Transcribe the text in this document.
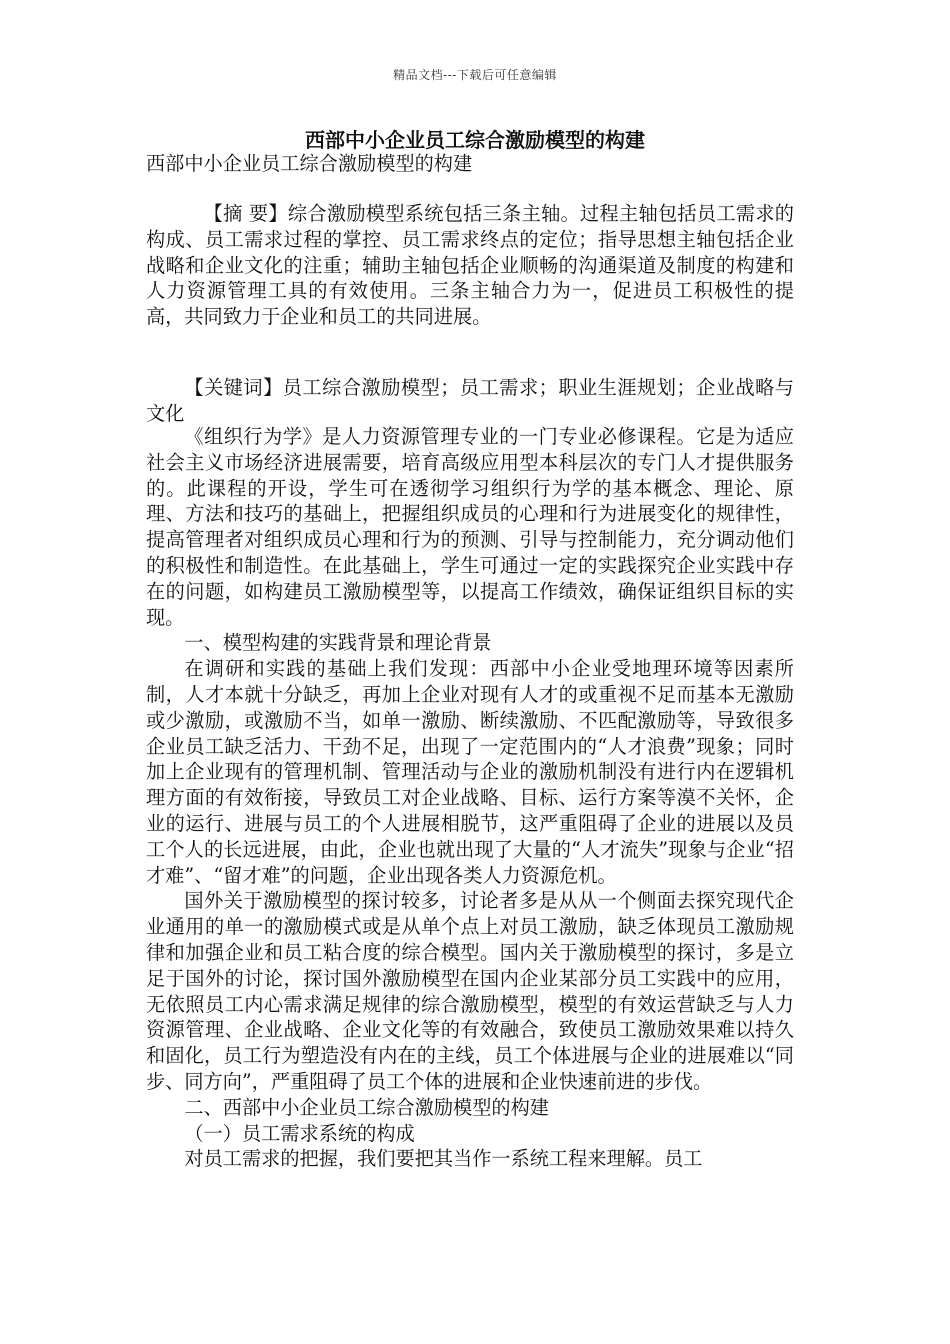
精品文档---下载后可任意编辑
西部中小企业员工综合激励模型的构建

西部中小企业员工综合激励模型的构建

【摘 要】综合激励模型系统包括三条主轴。过程主轴包括员工需求的构成、员工需求过程的掌控、员工需求终点的定位；指导思想主轴包括企业战略和企业文化的注重；辅助主轴包括企业顺畅的沟通渠道及制度的构建和人力资源管理工具的有效使用。三条主轴合力为一，促进员工积极性的提高，共同致力于企业和员工的共同进展。

【关键词】员工综合激励模型；员工需求；职业生涯规划；企业战略与文化

《组织行为学》是人力资源管理专业的一门专业必修课程。它是为适应社会主义市场经济进展需要，培育高级应用型本科层次的专门人才提供服务的。此课程的开设，学生可在透彻学习组织行为学的基本概念、理论、原理、方法和技巧的基础上，把握组织成员的心理和行为进展变化的规律性，提高管理者对组织成员心理和行为的预测、引导与控制能力，充分调动他们的积极性和制造性。在此基础上，学生可通过一定的实践探究企业实践中存在的问题，如构建员工激励模型等，以提高工作绩效，确保证组织目标的实现。

一、模型构建的实践背景和理论背景

在调研和实践的基础上我们发现：西部中小企业受地理环境等因素所制，人才本就十分缺乏，再加上企业对现有人才的或重视不足而基本无激励或少激励，或激励不当，如单一激励、断续激励、不匹配激励等，导致很多企业员工缺乏活力、干劲不足，出现了一定范围内的“人才浪费”现象；同时加上企业现有的管理机制、管理活动与企业的激励机制没有进行内在逻辑机理方面的有效衔接，导致员工对企业战略、目标、运行方案等漠不关怀，企业的运行、进展与员工的个人进展相脱节，这严重阻碍了企业的进展以及员工个人的长远进展，由此，企业也就出现了大量的“人才流失”现象与企业“招才难”、“留才难”的问题，企业出现各类人力资源危机。

国外关于激励模型的探讨较多，讨论者多是从从一个侧面去探究现代企业通用的单一的激励模式或是从单个点上对员工激励，缺乏体现员工激励规律和加强企业和员工粘合度的综合模型。国内关于激励模型的探讨，多是立足于国外的讨论，探讨国外激励模型在国内企业某部分员工实践中的应用，无依照员工内心需求满足规律的综合激励模型，模型的有效运营缺乏与人力资源管理、企业战略、企业文化等的有效融合，致使员工激励效果难以持久和固化，员工行为塑造没有内在的主线，员工个体进展与企业的进展难以“同步、同方向”，严重阻碍了员工个体的进展和企业快速前进的步伐。

二、西部中小企业员工综合激励模型的构建

（一）员工需求系统的构成

对员工需求的把握，我们要把其当作一系统工程来理解。员工
